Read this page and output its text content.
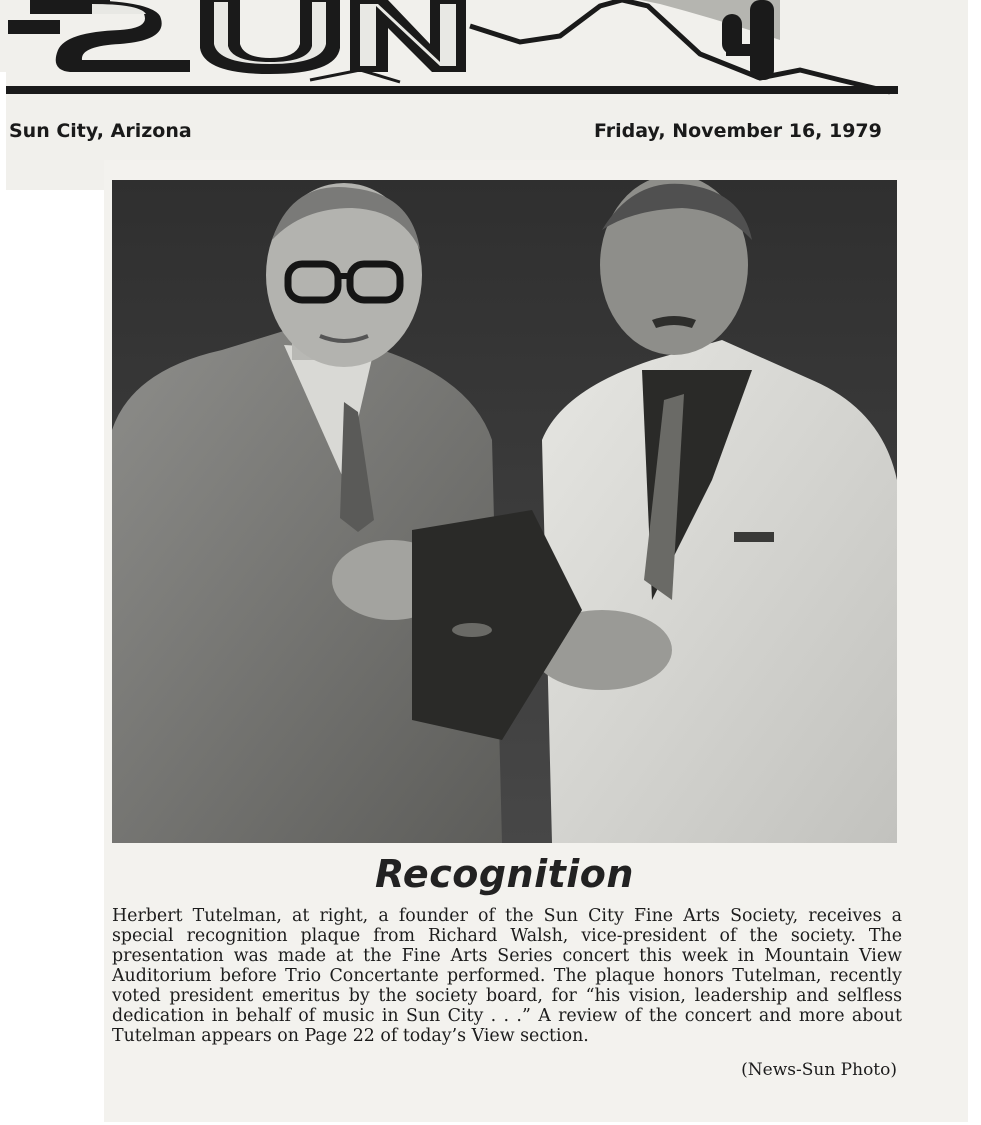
Sun City, Arizona	Friday, November 16, 1979
Recognition
Herbert Tutelman, at right, a founder of the Sun City Fine Arts Society, receives a special recognition plaque from Richard Walsh, vice-president of the society. The presentation was made at the Fine Arts Series concert this week in Mountain View Auditorium before Trio Concertante performed. The plaque honors Tutelman, recently voted president emeritus by the society board, for “his vision, leadership and selfless dedication in behalf of music in Sun City . . .” A review of the concert and more about Tutelman appears on Page 22 of today’s View section.
(News-Sun Photo)
